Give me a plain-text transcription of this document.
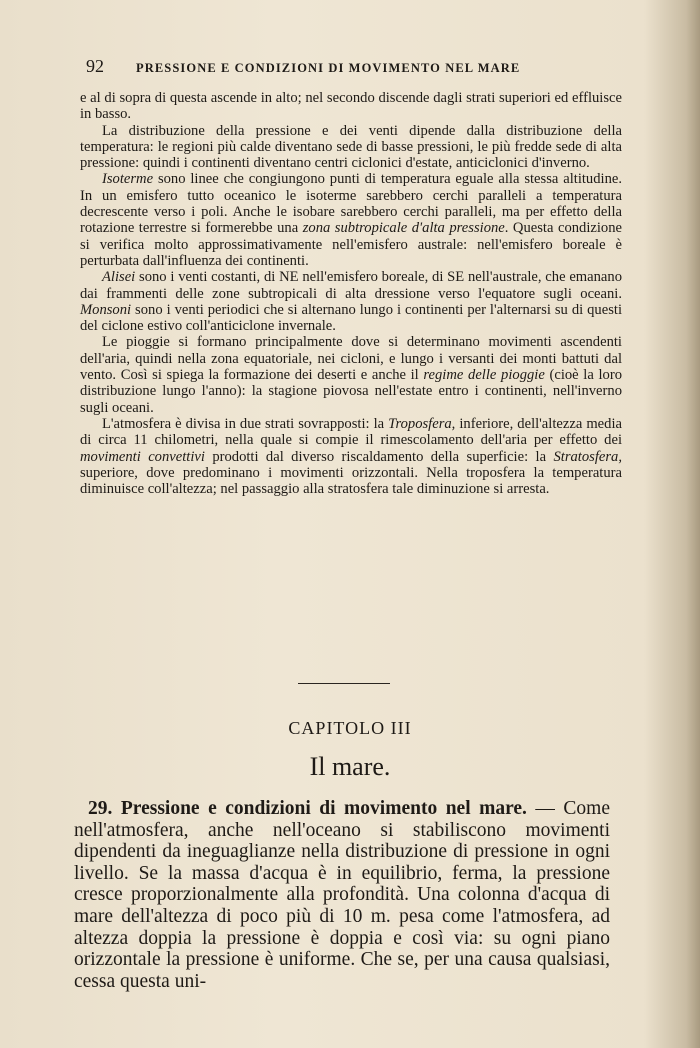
92	PRESSIONE E CONDIZIONI DI MOVIMENTO NEL MARE

e al di sopra di questa ascende in alto; nel secondo discende dagli strati superiori ed effluisce in basso.

La distribuzione della pressione e dei venti dipende dalla distribuzione della temperatura: le regioni più calde diventano sede di basse pressioni, le più fredde sede di alta pressione: quindi i continenti diventano centri ciclonici d'estate, anticiclonici d'inverno.

Isoterme sono linee che congiungono punti di temperatura eguale alla stessa altitudine. In un emisfero tutto oceanico le isoterme sarebbero cerchi paralleli a temperatura decrescente verso i poli. Anche le isobare sarebbero cerchi paralleli, ma per effetto della rotazione terrestre si formerebbe una zona subtropicale d'alta pressione. Questa condizione si verifica molto approssimativamente nell'emisfero australe: nell'emisfero boreale è perturbata dall'influenza dei continenti.

Alisei sono i venti costanti, di NE nell'emisfero boreale, di SE nell'australe, che emanano dai frammenti delle zone subtropicali di alta dressione verso l'equatore sugli oceani. Monsoni sono i venti periodici che si alternano lungo i continenti per l'alternarsi su di questi del ciclone estivo coll'anticiclone invernale.

Le pioggie si formano principalmente dove si determinano movimenti ascendenti dell'aria, quindi nella zona equatoriale, nei cicloni, e lungo i versanti dei monti battuti dal vento. Così si spiega la formazione dei deserti e anche il regime delle pioggie (cioè la loro distribuzione lungo l'anno): la stagione piovosa nell'estate entro i continenti, nell'inverno sugli oceani.

L'atmosfera è divisa in due strati sovrapposti: la Troposfera, inferiore, dell'altezza media di circa 11 chilometri, nella quale si compie il rimescolamento dell'aria per effetto dei movimenti convettivi prodotti dal diverso riscaldamento della superficie: la Stratosfera, superiore, dove predominano i movimenti orizzontali. Nella troposfera la temperatura diminuisce coll'altezza; nel passaggio alla stratosfera tale diminuzione si arresta.

CAPITOLO III
Il mare.

29. Pressione e condizioni di movimento nel mare. — Come nell'atmosfera, anche nell'oceano si stabiliscono movimenti dipendenti da ineguaglianze nella distribuzione di pressione in ogni livello. Se la massa d'acqua è in equilibrio, ferma, la pressione cresce proporzionalmente alla profondità. Una colonna d'acqua di mare dell'altezza di poco più di 10 m. pesa come l'atmosfera, ad altezza doppia la pressione è doppia e così via: su ogni piano orizzontale la pressione è uniforme. Che se, per una causa qualsiasi, cessa questa uni-
